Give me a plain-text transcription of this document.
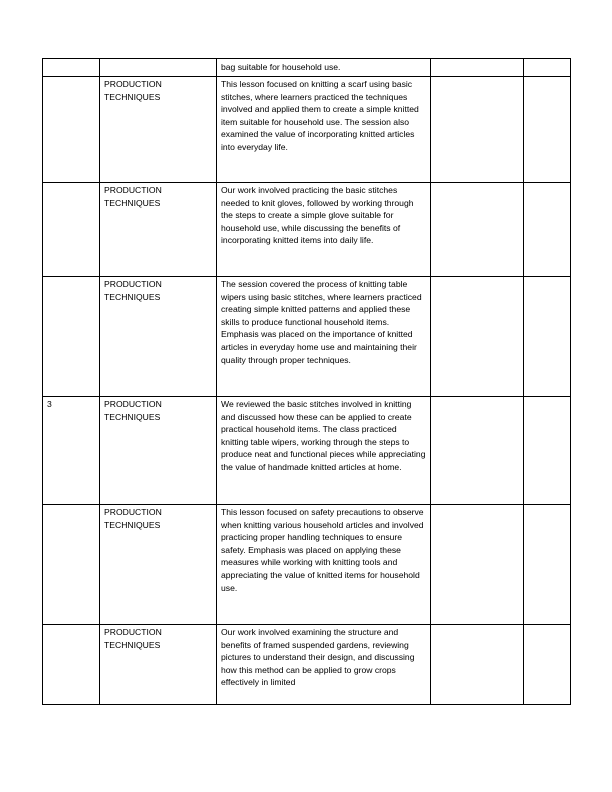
		bag suitable for household use.		
	PRODUCTION TECHNIQUES	This lesson focused on knitting a scarf using basic stitches, where learners practiced the techniques involved and applied them to create a simple knitted item suitable for household use. The session also examined the value of incorporating knitted articles into everyday life.		
	PRODUCTION TECHNIQUES	Our work involved practicing the basic stitches needed to knit gloves, followed by working through the steps to create a simple glove suitable for household use, while discussing the benefits of incorporating knitted items into daily life.		
	PRODUCTION TECHNIQUES	The session covered the process of knitting table wipers using basic stitches, where learners practiced creating simple knitted patterns and applied these skills to produce functional household items. Emphasis was placed on the importance of knitted articles in everyday home use and maintaining their quality through proper techniques.		
3	PRODUCTION TECHNIQUES	We reviewed the basic stitches involved in knitting and discussed how these can be applied to create practical household items. The class practiced knitting table wipers, working through the steps to produce neat and functional pieces while appreciating the value of handmade knitted articles at home.		
	PRODUCTION TECHNIQUES	This lesson focused on safety precautions to observe when knitting various household articles and involved practicing proper handling techniques to ensure safety. Emphasis was placed on applying these measures while working with knitting tools and appreciating the value of knitted items for household use.		
	PRODUCTION TECHNIQUES	Our work involved examining the structure and benefits of framed suspended gardens, reviewing pictures to understand their design, and discussing how this method can be applied to grow crops effectively in limited		
